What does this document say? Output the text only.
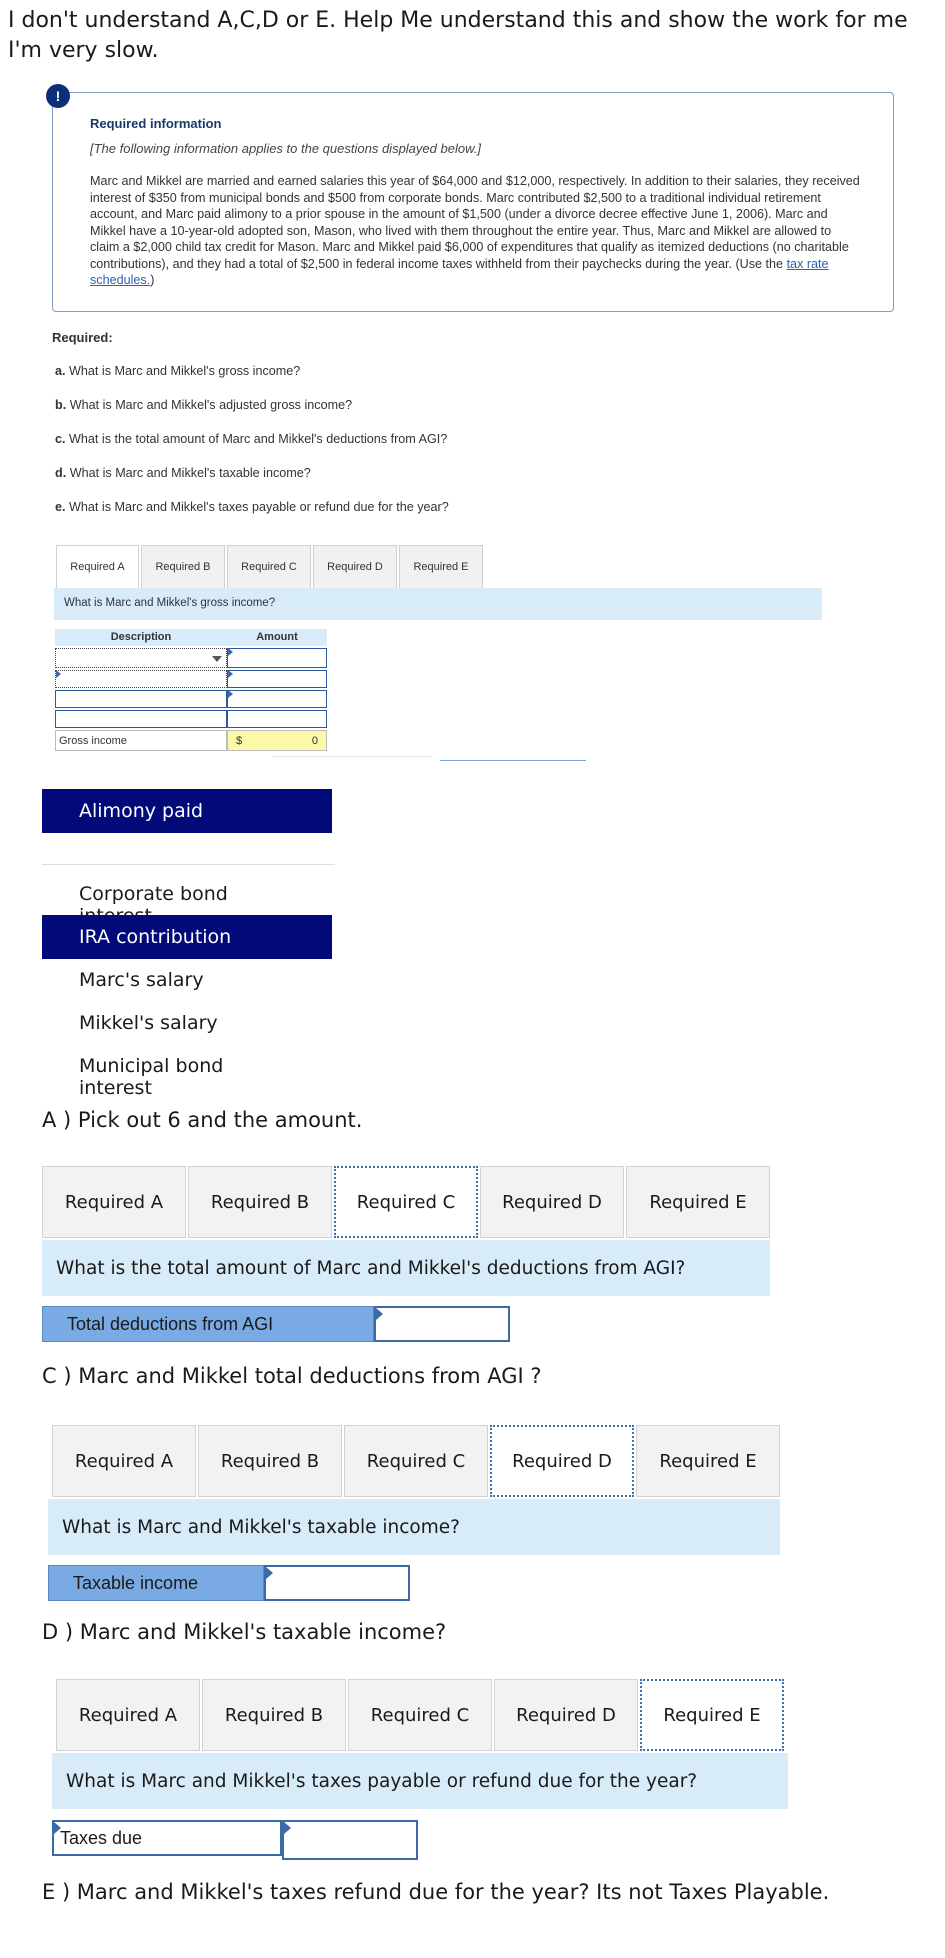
I don't understand A,C,D or E. Help Me understand this and show the work for me I'm very slow.
!
Required information
[The following information applies to the questions displayed below.]
Marc and Mikkel are married and earned salaries this year of $64,000 and $12,000, respectively. In addition to their salaries, they received interest of $350 from municipal bonds and $500 from corporate bonds. Marc contributed $2,500 to a traditional individual retirement account, and Marc paid alimony to a prior spouse in the amount of $1,500 (under a divorce decree effective June 1, 2006). Marc and Mikkel have a 10-year-old adopted son, Mason, who lived with them throughout the entire year. Thus, Marc and Mikkel are allowed to claim a $2,000 child tax credit for Mason. Marc and Mikkel paid $6,000 of expenditures that qualify as itemized deductions (no charitable contributions), and they had a total of $2,500 in federal income taxes withheld from their paychecks during the year. (Use the tax rate schedules.)
Required:
a. What is Marc and Mikkel's gross income?
b. What is Marc and Mikkel's adjusted gross income?
c. What is the total amount of Marc and Mikkel's deductions from AGI?
d. What is Marc and Mikkel's taxable income?
e. What is Marc and Mikkel's taxes payable or refund due for the year?
Required A	Required B	Required C	Required D	Required E
What is Marc and Mikkel's gross income?
Description	Amount
Gross income	$	0
Alimony paid
Corporate bond
IRA contribution
Marc's salary
Mikkel's salary
Municipal bond interest
A ) Pick out 6 and the amount.
Required A	Required B	Required C	Required D	Required E
What is the total amount of Marc and Mikkel's deductions from AGI?
Total deductions from AGI
C ) Marc and Mikkel total deductions from AGI ?
Required A	Required B	Required C	Required D	Required E
What is Marc and Mikkel's taxable income?
Taxable income
D ) Marc and Mikkel's taxable income?
Required A	Required B	Required C	Required D	Required E
What is Marc and Mikkel's taxes payable or refund due for the year?
Taxes due
E ) Marc and Mikkel's taxes refund due for the year? Its not Taxes Playable.
